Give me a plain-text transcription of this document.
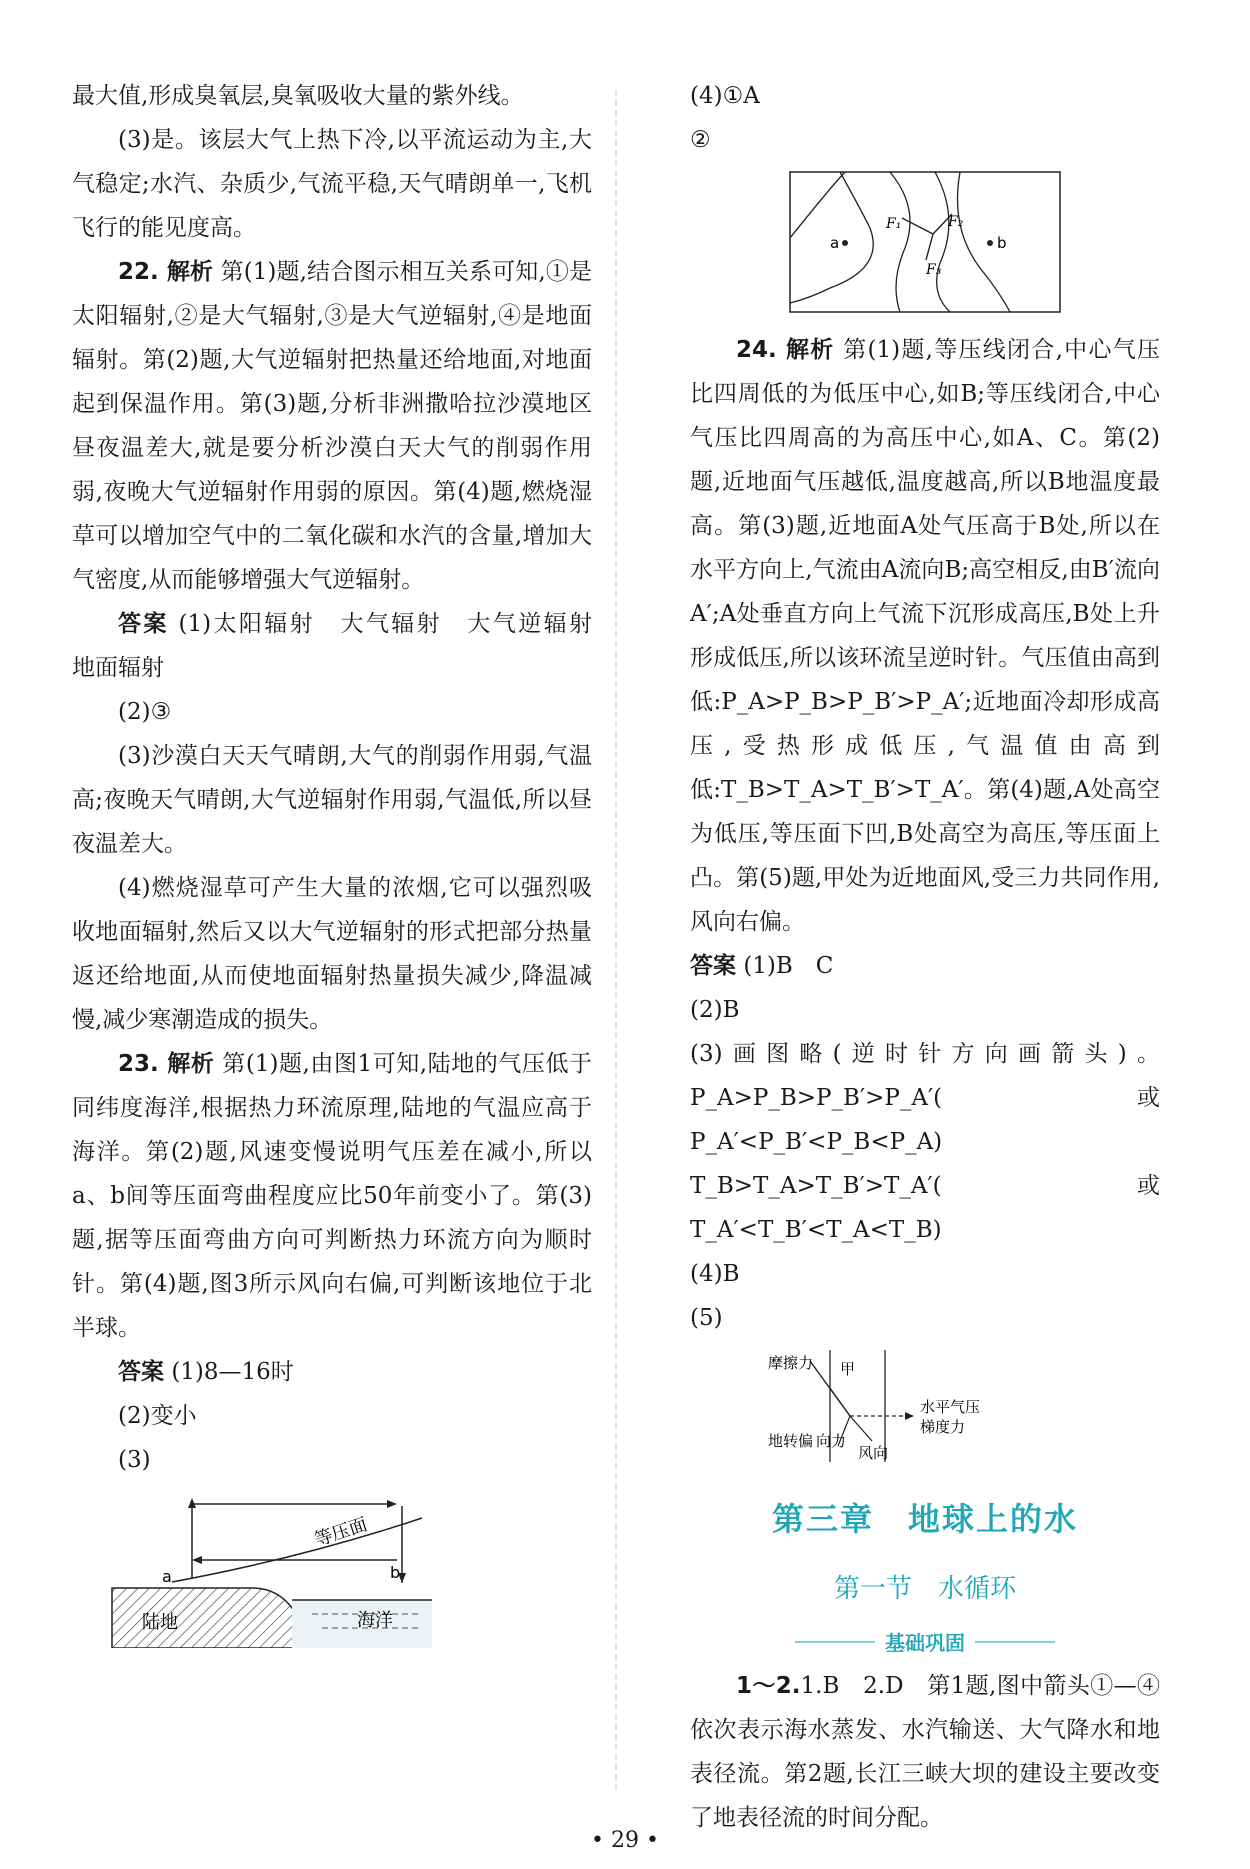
最大值,形成臭氧层,臭氧吸收大量的紫外线。

(3)是。该层大气上热下冷,以平流运动为主,大气稳定;水汽、杂质少,气流平稳,天气晴朗单一,飞机飞行的能见度高。

22. 解析 第(1)题,结合图示相互关系可知,①是太阳辐射,②是大气辐射,③是大气逆辐射,④是地面辐射。第(2)题,大气逆辐射把热量还给地面,对地面起到保温作用。第(3)题,分析非洲撒哈拉沙漠地区昼夜温差大,就是要分析沙漠白天大气的削弱作用弱,夜晚大气逆辐射作用弱的原因。第(4)题,燃烧湿草可以增加空气中的二氧化碳和水汽的含量,增加大气密度,从而能够增强大气逆辐射。

答案 (1)太阳辐射　大气辐射　大气逆辐射　地面辐射

(2)③

(3)沙漠白天天气晴朗,大气的削弱作用弱,气温高;夜晚天气晴朗,大气逆辐射作用弱,气温低,所以昼夜温差大。

(4)燃烧湿草可产生大量的浓烟,它可以强烈吸收地面辐射,然后又以大气逆辐射的形式把部分热量返还给地面,从而使地面辐射热量损失减少,降温减慢,减少寒潮造成的损失。

23. 解析 第(1)题,由图1可知,陆地的气压低于同纬度海洋,根据热力环流原理,陆地的气温应高于海洋。第(2)题,风速变慢说明气压差在减小,所以a、b间等压面弯曲程度应比50年前变小了。第(3)题,据等压面弯曲方向可判断热力环流方向为顺时针。第(4)题,图3所示风向右偏,可判断该地位于北半球。

答案 (1)8—16时

(2)变小

(3)

等压面
a	b
陆地	海洋

(4)①A

②

a	b
F₁	F₂
F₃

24. 解析 第(1)题,等压线闭合,中心气压比四周低的为低压中心,如B;等压线闭合,中心气压比四周高的为高压中心,如A、C。第(2)题,近地面气压越低,温度越高,所以B地温度最高。第(3)题,近地面A处气压高于B处,所以在水平方向上,气流由A流向B;高空相反,由B′流向A′;A处垂直方向上气流下沉形成高压,B处上升形成低压,所以该环流呈逆时针。气压值由高到低:P_A>P_B>P_B′>P_A′;近地面冷却形成高压,受热形成低压,气温值由高到低:T_B>T_A>T_B′>T_A′。第(4)题,A处高空为低压,等压面下凹,B处高空为高压,等压面上凸。第(5)题,甲处为近地面风,受三力共同作用,风向右偏。

答案 (1)B　C

(2)B

(3)画图略(逆时针方向画箭头)。P_A>P_B>P_B′>P_A′(或P_A′<P_B′<P_B<P_A)　T_B>T_A>T_B′>T_A′(或T_A′<T_B′<T_A<T_B)

(4)B

(5)

摩擦力 甲
地转偏 向力
风向
水平气压
梯度力
第三章　地球上的水
第一节　水循环
基础巩固

1～2.1.B　2.D　第1题,图中箭头①—④依次表示海水蒸发、水汽输送、大气降水和地表径流。第2题,长江三峡大坝的建设主要改变了地表径流的时间分配。

• 29 •
